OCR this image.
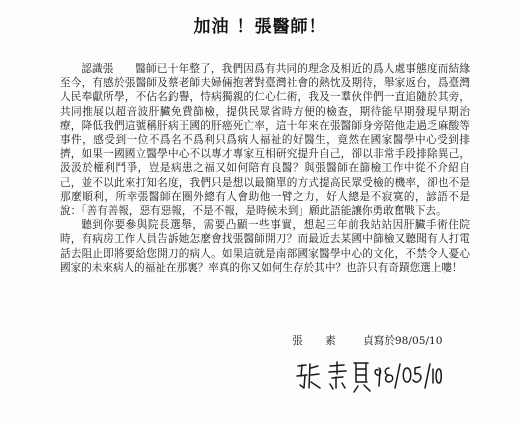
加油 ！張醫師！

認識張　　醫師已十年整了，我們因爲有共同的理念及相近的爲人處事態度而結緣至今，有感於張醫師及蔡老師夫婦倆抱著對臺灣社會的熱忱及期待，舉家返台，爲臺灣人民奉獻所學，不佔名釣譽，恃病獨親的仁心仁術，我及一羣伙伴們一直追隨於其旁，共同推展以超音波肝臟免費篩檢，提供民眾省時方便的檢查，期待能早期發現早期治療，降低我們這號稱肝病王國的肝癌死亡率，這十年來在張醫師身旁陪他走過乏麻酸等事件，感受到一位不爲名不爲利只爲病人福祉的好醫生，竟然在國家醫學中心受到排擠，如果一國國立醫學中心不以專才專家互相研究提升自己，卻以非常手段排除異己，汲汲於權利鬥爭，豈是病患之福又如何陪育良醫？與張醫師在篩檢工作中從不介紹自己，並不以此來打知名度，我們只是想以最簡單的方式提高民眾受檢的機率，卻也不是那麼順利，所幸張醫師在圈外總有人會助他一臂之力，好人總是不寂寞的，諺語不是說：「善有善報，惡有惡報，不是不報，是時候未到」願此語能讓你勇敢奮戰下去。

聽到你要參與院長選舉，需要凸顯一些事實，想起三年前我站站因肝臟手術住院時，有病房工作人員告訴她怎麼會找張醫師開刀？而最近去某國中篩檢又聽聞有人打電話去阻止即將要給您開刀的病人。如果這就是南部國家醫學中心的文化，不禁令人憂心國家的未來病人的福祉在那裏？率真的你又如何生存於其中？也許只有奇蹟您選上嘍！

張　素 貞寫於98/05/10
